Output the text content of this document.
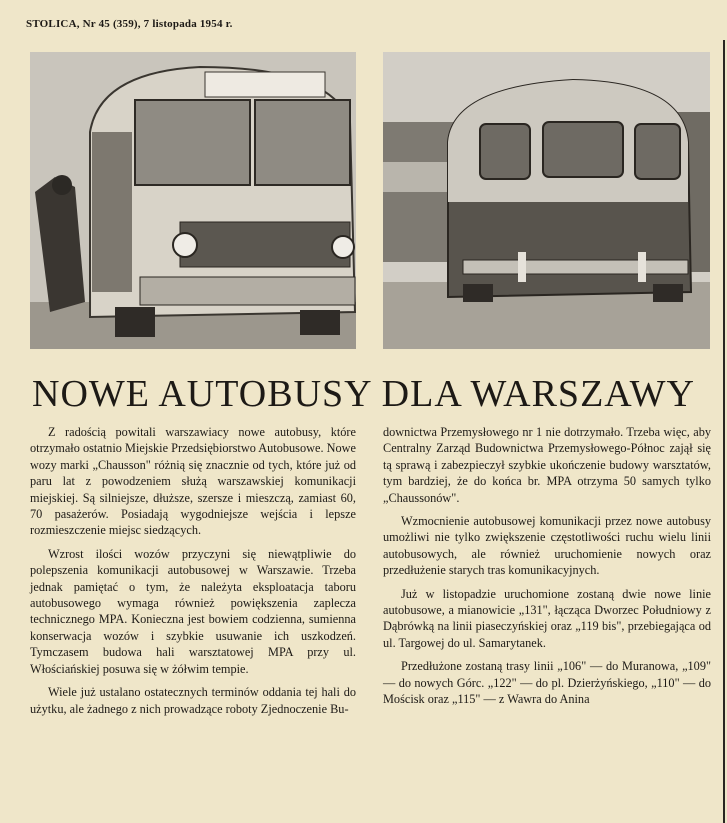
STOLICA, Nr 45 (359), 7 listopada 1954 r.
NOWE AUTOBUSY DLA WARSZAWY

Z radością powitali warszawiacy nowe autobusy, które otrzymało ostatnio Miejskie Przedsiębiorstwo Autobusowe. Nowe wozy marki „Chausson" różnią się znacznie od tych, które już od paru lat z powodzeniem służą warszawskiej komunikacji miejskiej. Są silniejsze, dłuższe, szersze i mieszczą, zamiast 60, 70 pasażerów. Posiadają wygodniejsze wejścia i lepsze rozmieszczenie miejsc siedzących.

Wzrost ilości wozów przyczyni się niewątpliwie do polepszenia komunikacji autobusowej w Warszawie. Trzeba jednak pamiętać o tym, że należyta eksploatacja taboru autobusowego wymaga również powiększenia zaplecza technicznego MPA. Konieczna jest bowiem codzienna, sumienna konserwacja wozów i szybkie usuwanie ich uszkodzeń. Tymczasem budowa hali warsztatowej MPA przy ul. Włościańskiej posuwa się w żółwim tempie.

Wiele już ustalano ostatecznych terminów oddania tej hali do użytku, ale żadnego z nich prowadzące roboty Zjednoczenie Bu-

downictwa Przemysłowego nr 1 nie dotrzymało. Trzeba więc, aby Centralny Zarząd Budownictwa Przemysłowego-Północ zajął się tą sprawą i zabezpieczył szybkie ukończenie budowy warsztatów, tym bardziej, że do końca br. MPA otrzyma 50 samych tylko „Chaussonów".

Wzmocnienie autobusowej komunikacji przez nowe autobusy umożliwi nie tylko zwiększenie częstotliwości ruchu wielu linii autobusowych, ale również uruchomienie nowych oraz przedłużenie starych tras komunikacyjnych.

Już w listopadzie uruchomione zostaną dwie nowe linie autobusowe, a mianowicie „131", łącząca Dworzec Południowy z Dąbrówką na linii piaseczyńskiej oraz „119 bis", przebiegająca od ul. Targowej do ul. Samarytanek.

Przedłużone zostaną trasy linii „106" — do Muranowa, „109" — do nowych Górc. „122" — do pl. Dzierżyńskiego, „110" — do Mościsk oraz „115" — z Wawra do Anina
